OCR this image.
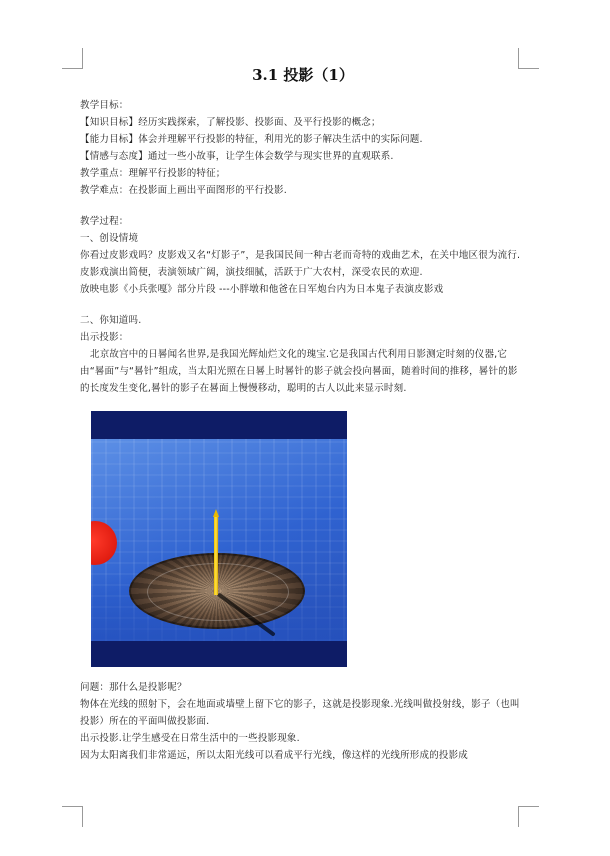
3.1 投影（1）

教学目标：

【知识目标】经历实践探索，了解投影、投影面、及平行投影的概念；

【能力目标】体会并理解平行投影的特征，利用光的影子解决生活中的实际问题.

【情感与态度】通过一些小故事，让学生体会数学与现实世界的直观联系.

教学重点：理解平行投影的特征；

教学难点：在投影面上画出平面图形的平行投影.

教学过程：

一、创设情境

你看过皮影戏吗？皮影戏又名“灯影子”，是我国民间一种古老而奇特的戏曲艺术，在关中地区很为流行.皮影戏演出简便，表演领域广阔，演技细腻，活跃于广大农村，深受农民的欢迎.

放映电影《小兵张嘎》部分片段 ---小胖墩和他爸在日军炮台内为日本鬼子表演皮影戏

二、你知道吗.

出示投影：

北京故宫中的日晷闻名世界,是我国光辉灿烂文化的瑰宝.它是我国古代利用日影测定时刻的仪器,它由“晷面”与“晷针”组成，当太阳光照在日晷上时晷针的影子就会投向晷面，随着时间的推移，晷针的影的长度发生变化,晷针的影子在晷面上慢慢移动，聪明的古人以此来显示时刻.

问题：那什么是投影呢？

物体在光线的照射下，会在地面或墙壁上留下它的影子，这就是投影现象.光线叫做投射线，影子（也叫投影）所在的平面叫做投影面.

出示投影.让学生感受在日常生活中的一些投影现象.

因为太阳离我们非常遥远，所以太阳光线可以看成平行光线，像这样的光线所形成的投影成
